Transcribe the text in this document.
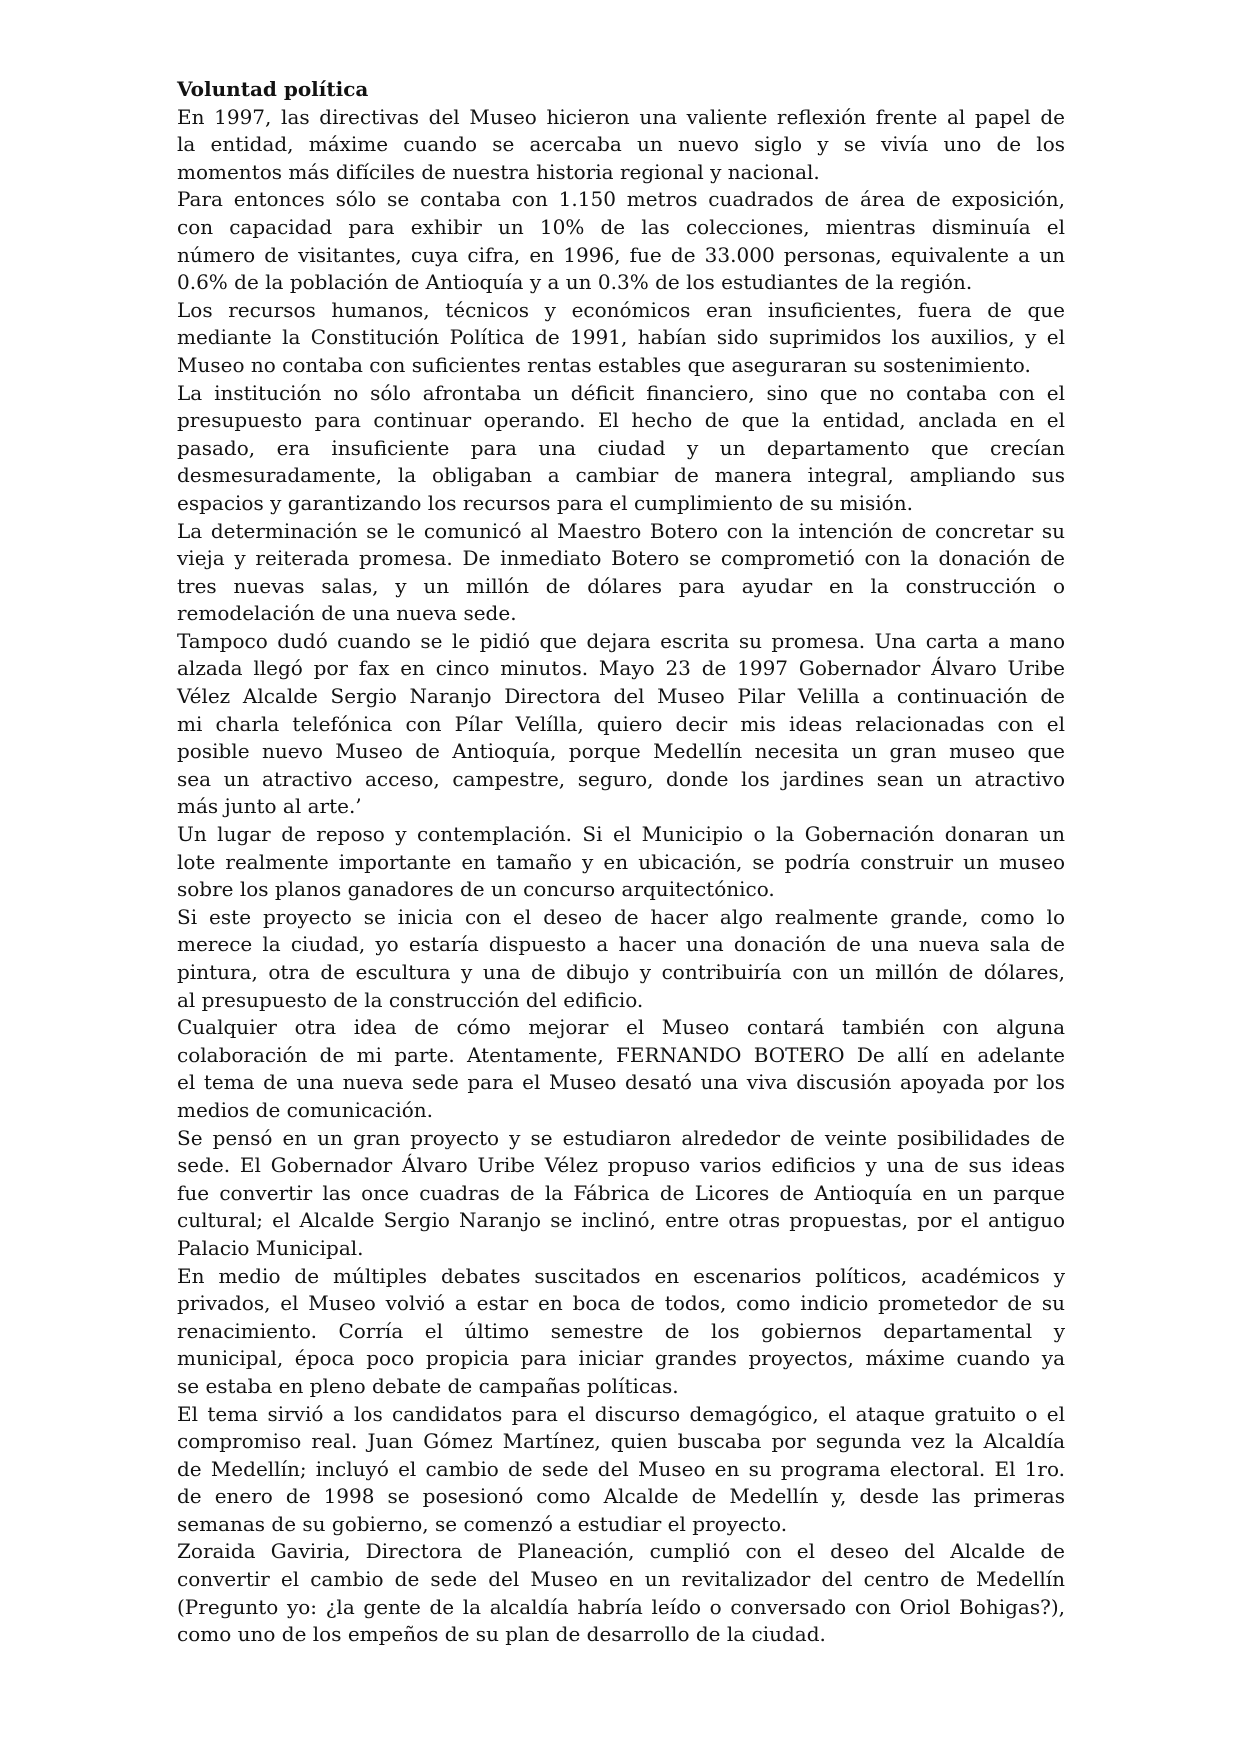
Voluntad política
En 1997, las directivas del Museo hicieron una valiente reflexión frente al papel de
la entidad, máxime cuando se acercaba un nuevo siglo y se vivía uno de los
momentos más difíciles de nuestra historia regional y nacional.
Para entonces sólo se contaba con 1.150 metros cuadrados de área de exposición,
con capacidad para exhibir un 10% de las colecciones, mientras disminuía el
número de visitantes, cuya cifra, en 1996, fue de 33.000 personas, equivalente a un
0.6% de la población de Antioquía y a un 0.3% de los estudiantes de la región.
Los recursos humanos, técnicos y económicos eran insuficientes, fuera de que
mediante la Constitución Política de 1991, habían sido suprimidos los auxilios, y el
Museo no contaba con suficientes rentas estables que aseguraran su sostenimiento.
La institución no sólo afrontaba un déficit financiero, sino que no contaba con el
presupuesto para continuar operando. El hecho de que la entidad, anclada en el
pasado, era insuficiente para una ciudad y un departamento que crecían
desmesuradamente, la obligaban a cambiar de manera integral, ampliando sus
espacios y garantizando los recursos para el cumplimiento de su misión.
La determinación se le comunicó al Maestro Botero con la intención de concretar su
vieja y reiterada promesa. De inmediato Botero se comprometió con la donación de
tres nuevas salas, y un millón de dólares para ayudar en la construcción o
remodelación de una nueva sede.
Tampoco dudó cuando se le pidió que dejara escrita su promesa. Una carta a mano
alzada llegó por fax en cinco minutos. Mayo 23 de 1997 Gobernador Álvaro Uribe
Vélez Alcalde Sergio Naranjo Directora del Museo Pilar Velilla a continuación de
mi charla telefónica con Pílar Velílla, quiero decir mis ideas relacionadas con el
posible nuevo Museo de Antioquía, porque Medellín necesita un gran museo que
sea un atractivo acceso, campestre, seguro, donde los jardines sean un atractivo
más junto al arte.’
Un lugar de reposo y contemplación. Si el Municipio o la Gobernación donaran un
lote realmente importante en tamaño y en ubicación, se podría construir un museo
sobre los planos ganadores de un concurso arquitectónico.
Si este proyecto se inicia con el deseo de hacer algo realmente grande, como lo
merece la ciudad, yo estaría dispuesto a hacer una donación de una nueva sala de
pintura, otra de escultura y una de dibujo y contribuiría con un millón de dólares,
al presupuesto de la construcción del edificio.
Cualquier otra idea de cómo mejorar el Museo contará también con alguna
colaboración de mi parte. Atentamente, FERNANDO BOTERO De allí en adelante
el tema de una nueva sede para el Museo desató una viva discusión apoyada por los
medios de comunicación.
Se pensó en un gran proyecto y se estudiaron alrededor de veinte posibilidades de
sede. El Gobernador Álvaro Uribe Vélez propuso varios edificios y una de sus ideas
fue convertir las once cuadras de la Fábrica de Licores de Antioquía en un parque
cultural; el Alcalde Sergio Naranjo se inclinó, entre otras propuestas, por el antiguo
Palacio Municipal.
En medio de múltiples debates suscitados en escenarios políticos, académicos y
privados, el Museo volvió a estar en boca de todos, como indicio prometedor de su
renacimiento. Corría el último semestre de los gobiernos departamental y
municipal, época poco propicia para iniciar grandes proyectos, máxime cuando ya
se estaba en pleno debate de campañas políticas.
El tema sirvió a los candidatos para el discurso demagógico, el ataque gratuito o el
compromiso real. Juan Gómez Martínez, quien buscaba por segunda vez la Alcaldía
de Medellín; incluyó el cambio de sede del Museo en su programa electoral. El 1ro.
de enero de 1998 se posesionó como Alcalde de Medellín y, desde las primeras
semanas de su gobierno, se comenzó a estudiar el proyecto.
Zoraida Gaviria, Directora de Planeación, cumplió con el deseo del Alcalde de
convertir el cambio de sede del Museo en un revitalizador del centro de Medellín
(Pregunto yo: ¿la gente de la alcaldía habría leído o conversado con Oriol Bohigas?),
como uno de los empeños de su plan de desarrollo de la ciudad.
